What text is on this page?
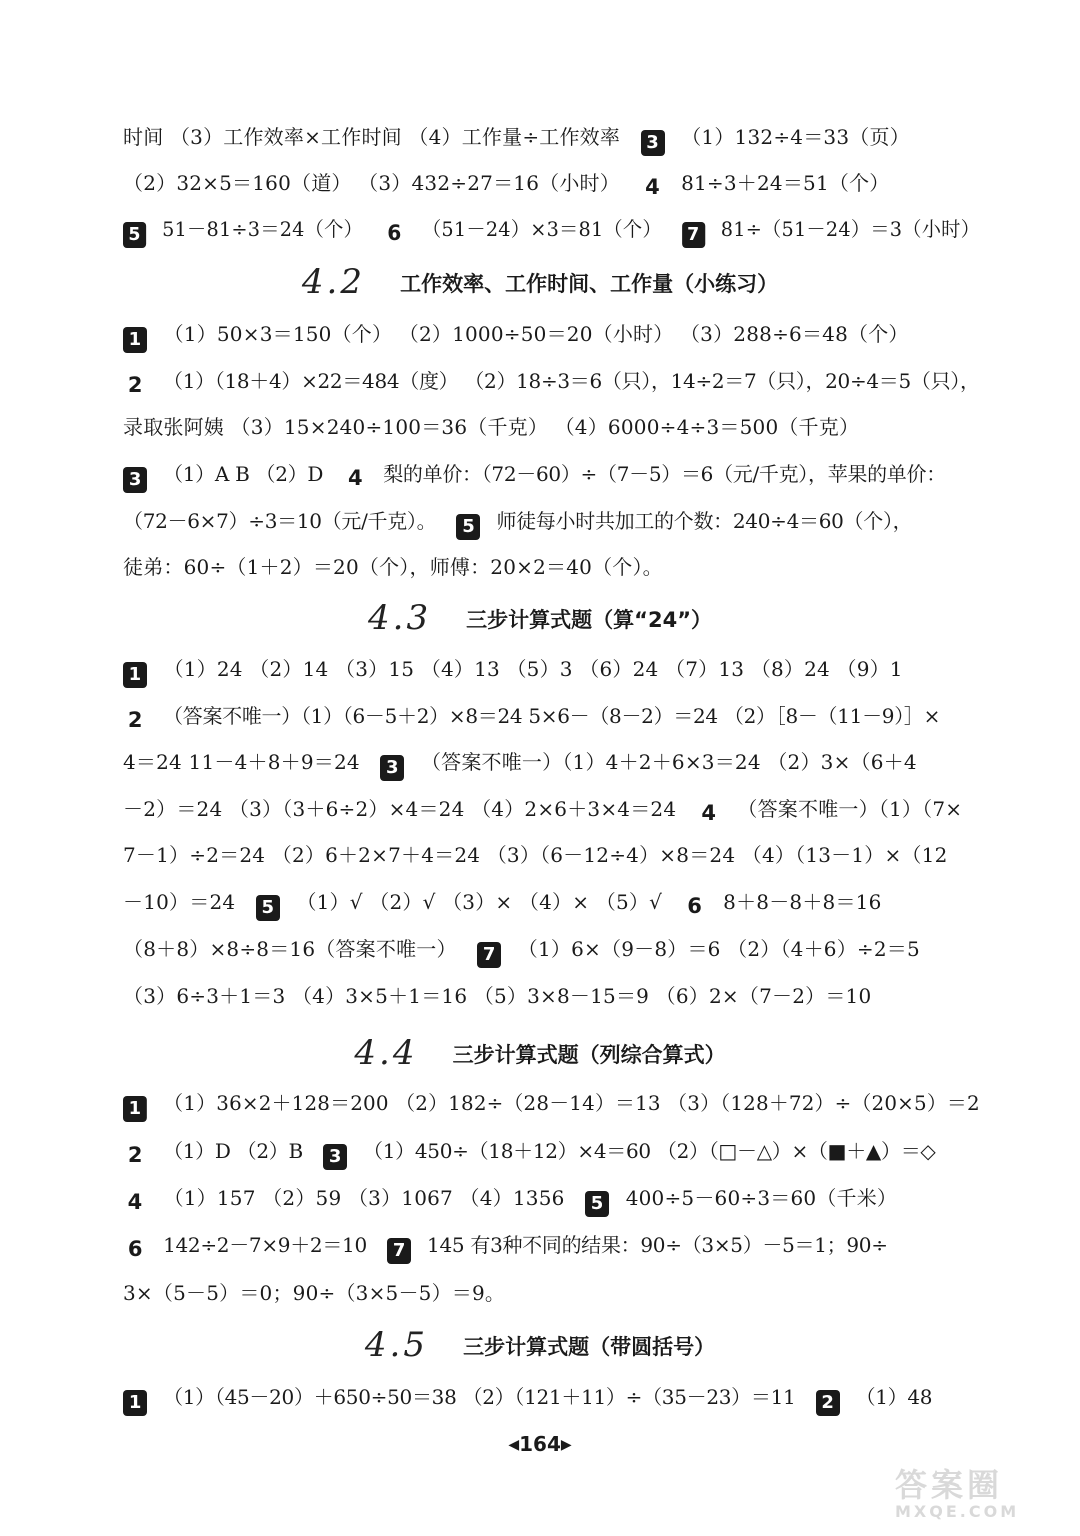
时间 （3）工作效率×工作时间 （4）工作量÷工作效率 3 （1）132÷4＝33（页）
（2）32×5＝160（道） （3）432÷27＝16（小时） 4 81÷3＋24＝51（个）
5 51－81÷3＝24（个） 6 （51－24）×3＝81（个） 7 81÷（51－24）＝3（小时）
4.2 工作效率、工作时间、工作量（小练习）
1 （1）50×3＝150（个） （2）1000÷50＝20（小时） （3）288÷6＝48（个）
2 （1）（18＋4）×22＝484（度） （2）18÷3＝6（只），14÷2＝7（只），20÷4＝5（只），
录取张阿姨 （3）15×240÷100＝36（千克） （4）6000÷4÷3＝500（千克）
3 （1）A B （2）D 4 梨的单价：（72－60）÷（7－5）＝6（元/千克），苹果的单价：
（72－6×7）÷3＝10（元/千克）。 5 师徒每小时共加工的个数：240÷4＝60（个），
徒弟：60÷（1＋2）＝20（个），师傅：20×2＝40（个）。
4.3 三步计算式题（算“24”）
1 （1）24 （2）14 （3）15 （4）13 （5）3 （6）24 （7）13 （8）24 （9）1
2 （答案不唯一）（1）（6－5＋2）×8＝24 5×6－（8－2）＝24 （2）［8－（11－9）］×
4＝24 11－4＋8＋9＝24 3 （答案不唯一）（1）4＋2＋6×3＝24 （2）3×（6＋4
－2）＝24 （3）（3＋6÷2）×4＝24 （4）2×6＋3×4＝24 4 （答案不唯一）（1）（7×
7－1）÷2＝24 （2）6＋2×7＋4＝24 （3）（6－12÷4）×8＝24 （4）（13－1）×（12
－10）＝24 5 （1）√ （2）√ （3）× （4）× （5）√ 6 8＋8－8＋8＝16
（8＋8）×8÷8＝16（答案不唯一） 7 （1）6×（9－8）＝6 （2）（4＋6）÷2＝5
（3）6÷3＋1＝3 （4）3×5＋1＝16 （5）3×8－15＝9 （6）2×（7－2）＝10
4.4 三步计算式题（列综合算式）
1 （1）36×2＋128＝200 （2）182÷（28－14）＝13 （3）（128＋72）÷（20×5）＝2
2 （1）D （2）B 3 （1）450÷（18＋12）×4＝60 （2）（□－△）×（■＋▲）＝◇
4 （1）157 （2）59 （3）1067 （4）1356 5 400÷5－60÷3＝60（千米）
6 142÷2－7×9＋2＝10 7 145 有3种不同的结果：90÷（3×5）－5＝1；90÷
3×（5－5）＝0；90÷（3×5－5）＝9。
4.5 三步计算式题（带圆括号）
1 （1）（45－20）＋650÷50＝38 （2）（121＋11）÷（35－23）＝11 2 （1）48
◀164▶
答案圈
MXQE.COM
